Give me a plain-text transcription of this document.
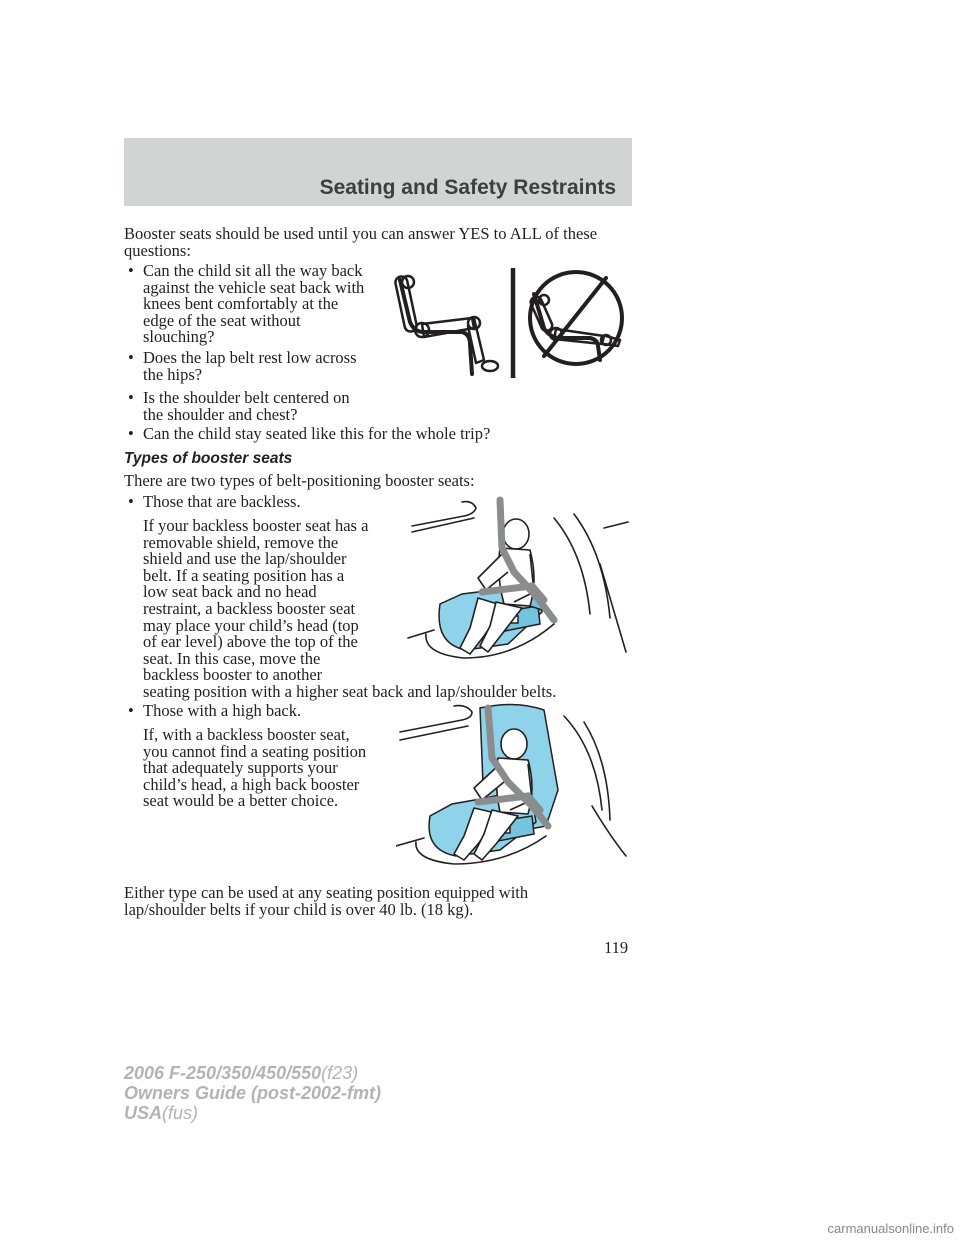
Seating and Safety Restraints
Booster seats should be used until you can answer YES to ALL of these
questions:
• Can the child sit all the way back
against the vehicle seat back with
knees bent comfortably at the
edge of the seat without
slouching?
• Does the lap belt rest low across
the hips?
• Is the shoulder belt centered on
the shoulder and chest?
• Can the child stay seated like this for the whole trip?
Types of booster seats
There are two types of belt-positioning booster seats:
• Those that are backless.
If your backless booster seat has a
removable shield, remove the
shield and use the lap/shoulder
belt. If a seating position has a
low seat back and no head
restraint, a backless booster seat
may place your child’s head (top
of ear level) above the top of the
seat. In this case, move the
backless booster to another
seating position with a higher seat back and lap/shoulder belts.
• Those with a high back.
If, with a backless booster seat,
you cannot find a seating position
that adequately supports your
child’s head, a high back booster
seat would be a better choice.
Either type can be used at any seating position equipped with
lap/shoulder belts if your child is over 40 lb. (18 kg).
119
2006 F-250/350/450/550(f23)
Owners Guide (post-2002-fmt)
USA(fus)
carmanualsonline.info
